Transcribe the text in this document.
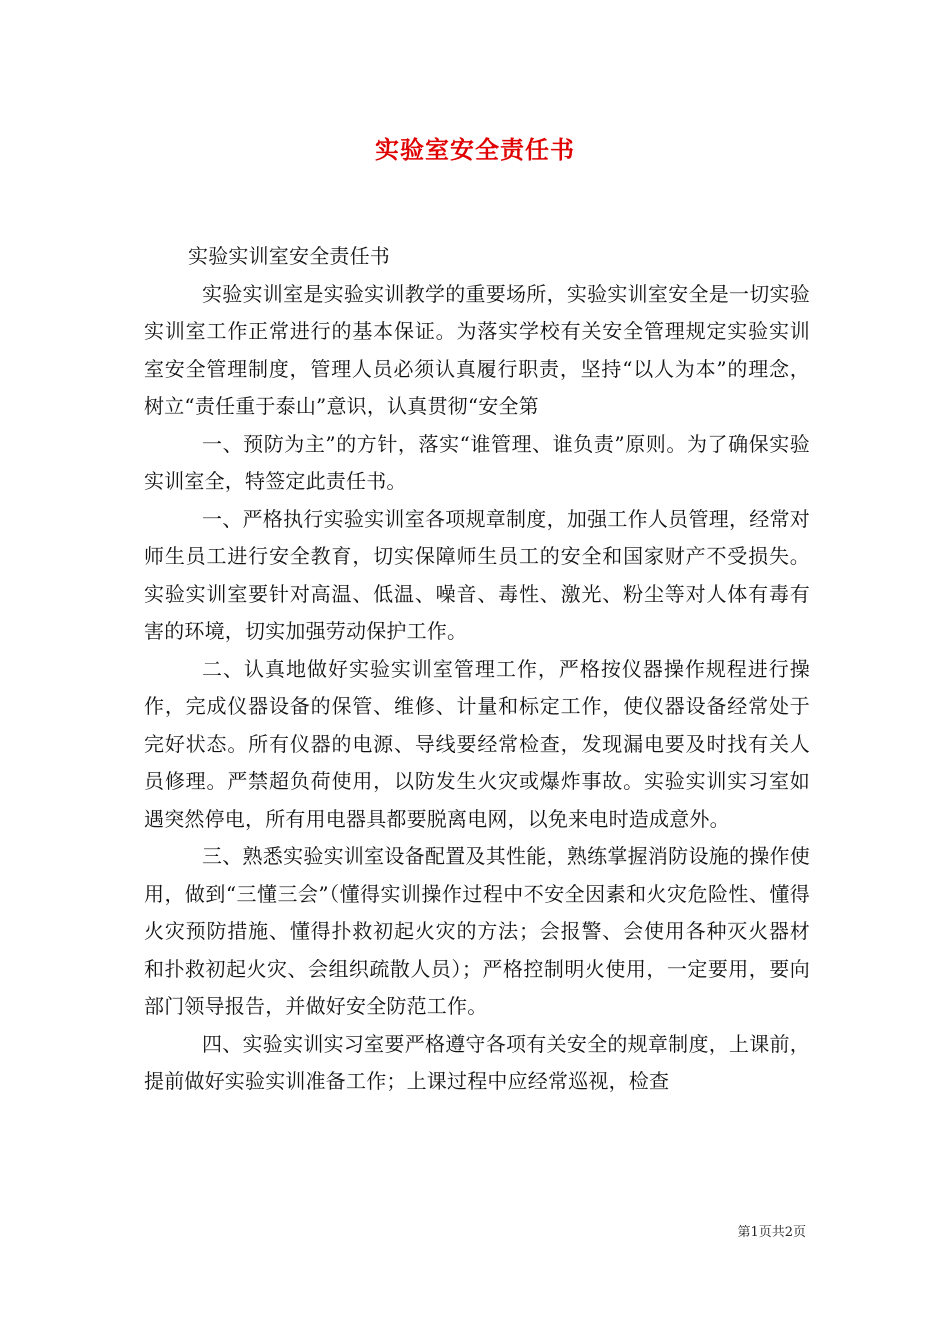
实验室安全责任书

实验实训室安全责任书

实验实训室是实验实训教学的重要场所，实验实训室安全是一切实验实训室工作正常进行的基本保证。为落实学校有关安全管理规定实验实训室安全管理制度，管理人员必须认真履行职责，坚持“以人为本”的理念，树立“责任重于泰山”意识，认真贯彻“安全第

一、预防为主”的方针，落实“谁管理、谁负责”原则。为了确保实验实训室全，特签定此责任书。

一、严格执行实验实训室各项规章制度，加强工作人员管理，经常对师生员工进行安全教育，切实保障师生员工的安全和国家财产不受损失。实验实训室要针对高温、低温、噪音、毒性、激光、粉尘等对人体有毒有害的环境，切实加强劳动保护工作。

二、认真地做好实验实训室管理工作，严格按仪器操作规程进行操作，完成仪器设备的保管、维修、计量和标定工作，使仪器设备经常处于完好状态。所有仪器的电源、导线要经常检查，发现漏电要及时找有关人员修理。严禁超负荷使用，以防发生火灾或爆炸事故。实验实训实习室如遇突然停电，所有用电器具都要脱离电网，以免来电时造成意外。

三、熟悉实验实训室设备配置及其性能，熟练掌握消防设施的操作使用，做到“三懂三会”（懂得实训操作过程中不安全因素和火灾危险性、懂得火灾预防措施、懂得扑救初起火灾的方法；会报警、会使用各种灭火器材和扑救初起火灾、会组织疏散人员）；严格控制明火使用，一定要用，要向部门领导报告，并做好安全防范工作。

四、实验实训实习室要严格遵守各项有关安全的规章制度，上课前，提前做好实验实训准备工作；上课过程中应经常巡视，检查

第1页共2页
